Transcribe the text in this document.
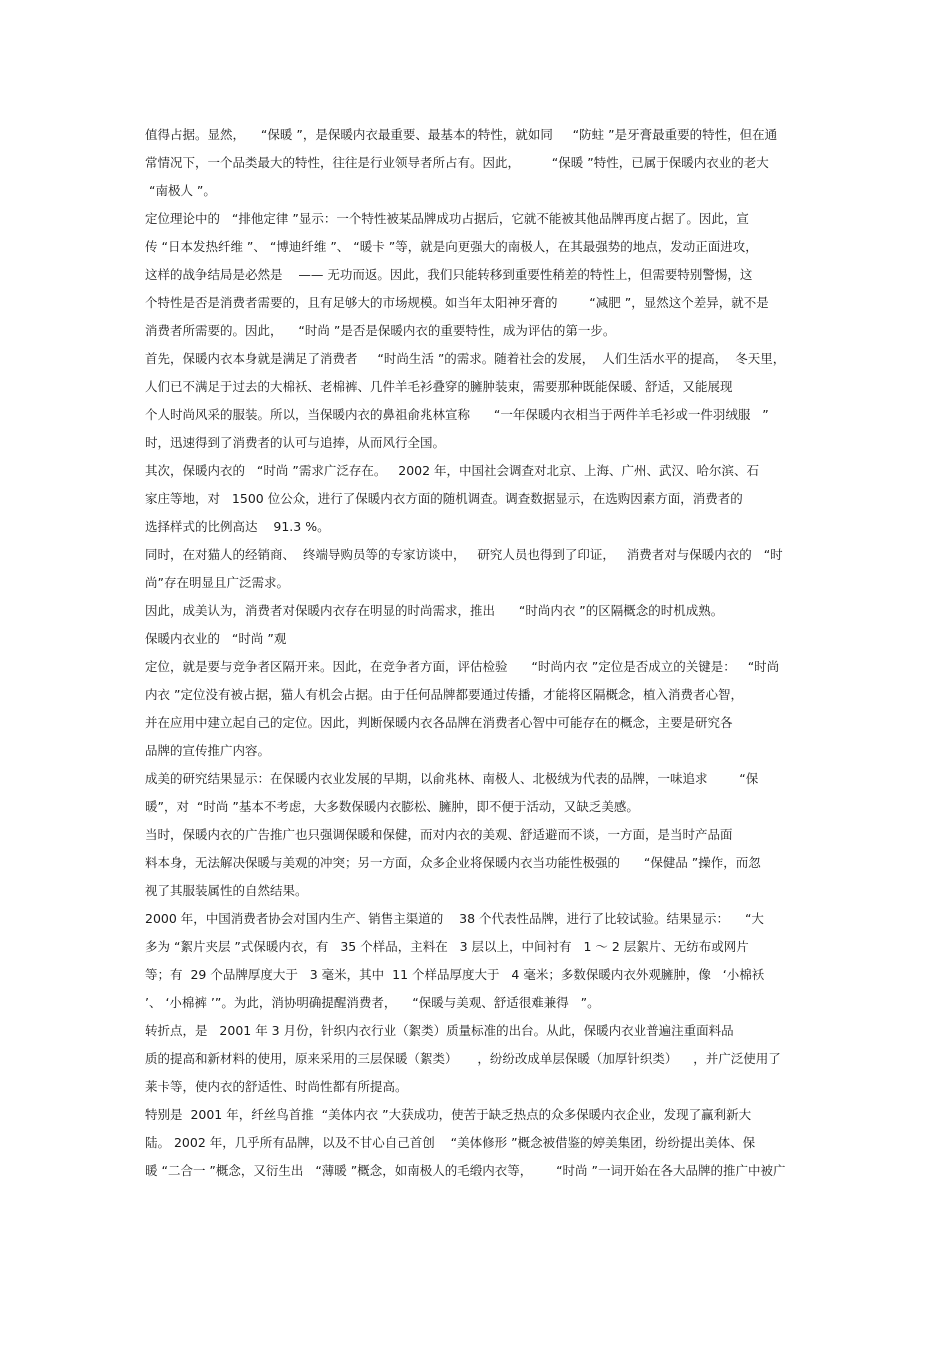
值得占据。显然，    “保暖 ”，是保暖内衣最重要、最基本的特性，就如同     “防蛀 ”是牙膏最重要的特性，但在通
常情况下，一个品类最大的特性，往往是行业领导者所占有。因此，        “保暖 ”特性，已属于保暖内衣业的老大
“南极人 ”。
定位理论中的   “排他定律 ”显示：一个特性被某品牌成功占据后，它就不能被其他品牌再度占据了。因此，宣
传 “日本发热纤维 ”、 “博迪纤维 ”、 “暖卡 ”等，就是向更强大的南极人，在其最强势的地点，发动正面进攻，
这样的战争结局是必然是    —— 无功而返。因此，我们只能转移到重要性稍差的特性上，但需要特别警惕，这
个特性是否是消费者需要的，且有足够大的市场规模。如当年太阳神牙膏的        “减肥 ”，显然这个差异，就不是
消费者所需要的。因此，    “时尚 ”是否是保暖内衣的重要特性，成为评估的第一步。
首先，保暖内衣本身就是满足了消费者     “时尚生活 ”的需求。随着社会的发展，  人们生活水平的提高，  冬天里，
人们已不满足于过去的大棉袄、老棉裤、几件羊毛衫叠穿的臃肿装束，需要那种既能保暖、舒适，又能展现
个人时尚风采的服装。所以，当保暖内衣的鼻祖俞兆林宣称      “一年保暖内衣相当于两件羊毛衫或一件羽绒服   ”
时，迅速得到了消费者的认可与追捧，从而风行全国。
其次，保暖内衣的   “时尚 ”需求广泛存在。   2002 年，中国社会调查对北京、上海、广州、武汉、哈尔滨、石
家庄等地，对   1500 位公众，进行了保暖内衣方面的随机调查。调查数据显示，在选购因素方面，消费者的
选择样式的比例高达    91.3 %。
同时，在对猫人的经销商、  终端导购员等的专家访谈中，   研究人员也得到了印证，   消费者对与保暖内衣的   “时
尚”存在明显且广泛需求。
因此，成美认为，消费者对保暖内衣存在明显的时尚需求，推出      “时尚内衣 ”的区隔概念的时机成熟。
保暖内衣业的   “时尚 ”观
定位，就是要与竞争者区隔开来。因此，在竞争者方面，评估检验      “时尚内衣 ”定位是否成立的关键是：   “时尚
内衣 ”定位没有被占据，猫人有机会占据。由于任何品牌都要通过传播，才能将区隔概念，植入消费者心智，
并在应用中建立起自己的定位。因此，判断保暖内衣各品牌在消费者心智中可能存在的概念，主要是研究各
品牌的宣传推广内容。
成美的研究结果显示：在保暖内衣业发展的早期，以俞兆林、南极人、北极绒为代表的品牌，一味追求        “保
暖”，对  “时尚 ”基本不考虑，大多数保暖内衣膨松、臃肿，即不便于活动，又缺乏美感。
当时，保暖内衣的广告推广也只强调保暖和保健，而对内衣的美观、舒适避而不谈，一方面，是当时产品面
料本身，无法解决保暖与美观的冲突；另一方面，众多企业将保暖内衣当功能性极强的      “保健品 ”操作，而忽
视了其服装属性的自然结果。
2000 年，中国消费者协会对国内生产、销售主渠道的    38 个代表性品牌，进行了比较试验。结果显示：    “大
多为 “絮片夹层 ”式保暖内衣，有   35 个样品，主料在   3 层以上，中间衬有   1 ～ 2 层絮片、无纺布或网片
等；有  29 个品牌厚度大于   3 毫米，其中  11 个样品厚度大于   4 毫米；多数保暖内衣外观臃肿，像   ‘小棉袄
’、 ‘小棉裤 ’”。为此，消协明确提醒消费者，    “保暖与美观、舒适很难兼得   ”。
转折点，是   2001 年 3 月份，针织内衣行业（絮类）质量标准的出台。从此，保暖内衣业普遍注重面料品
质的提高和新材料的使用，原来采用的三层保暖（絮类）     ，纷纷改成单层保暖（加厚针织类）    ，并广泛使用了
莱卡等，使内衣的舒适性、时尚性都有所提高。
特别是  2001 年，纤丝鸟首推  “美体内衣 ”大获成功，使苦于缺乏热点的众多保暖内衣企业，发现了赢利新大
陆。 2002 年，几乎所有品牌，以及不甘心自己首创    “美体修形 ”概念被借鉴的婷美集团，纷纷提出美体、保
暖 “二合一 ”概念，又衍生出   “薄暖 ”概念，如南极人的毛缎内衣等，      “时尚 ”一词开始在各大品牌的推广中被广
